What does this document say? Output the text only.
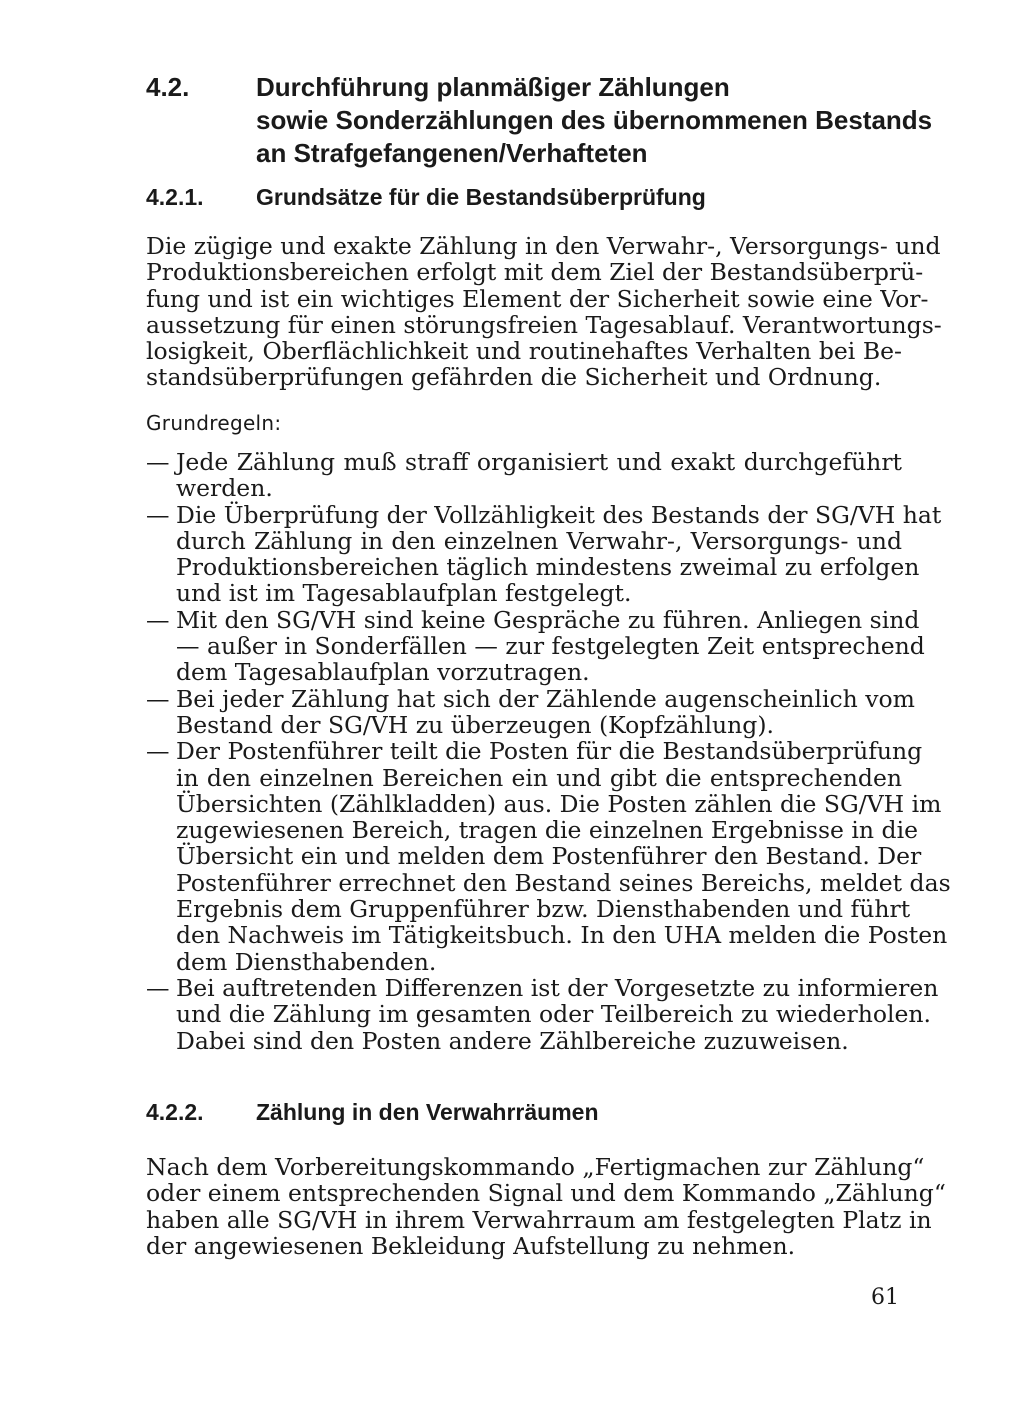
4.2.	Durchführung planmäßiger Zählungen
sowie Sonderzählungen des übernommenen Bestands
an Strafgefangenen/Verhafteten
4.2.1. Grundsätze für die Bestandsüberprüfung
Die zügige und exakte Zählung in den Verwahr-, Versorgungs- und
Produktionsbereichen erfolgt mit dem Ziel der Bestandsüberprü-
fung und ist ein wichtiges Element der Sicherheit sowie eine Vor-
aussetzung für einen störungsfreien Tagesablauf. Verantwortungs-
losigkeit, Oberflächlichkeit und routinehaftes Verhalten bei Be-
standsüberprüfungen gefährden die Sicherheit und Ordnung.
Grundregeln:
— Jede Zählung muß straff organisiert und exakt durchgeführt
werden.
— Die Überprüfung der Vollzähligkeit des Bestands der SG/VH hat
durch Zählung in den einzelnen Verwahr-, Versorgungs- und
Produktionsbereichen täglich mindestens zweimal zu erfolgen
und ist im Tagesablaufplan festgelegt.
— Mit den SG/VH sind keine Gespräche zu führen. Anliegen sind
— außer in Sonderfällen — zur festgelegten Zeit entsprechend
dem Tagesablaufplan vorzutragen.
— Bei jeder Zählung hat sich der Zählende augenscheinlich vom
Bestand der SG/VH zu überzeugen (Kopfzählung).
— Der Postenführer teilt die Posten für die Bestandsüberprüfung
in den einzelnen Bereichen ein und gibt die entsprechenden
Übersichten (Zählkladden) aus. Die Posten zählen die SG/VH im
zugewiesenen Bereich, tragen die einzelnen Ergebnisse in die
Übersicht ein und melden dem Postenführer den Bestand. Der
Postenführer errechnet den Bestand seines Bereichs, meldet das
Ergebnis dem Gruppenführer bzw. Diensthabenden und führt
den Nachweis im Tätigkeitsbuch. In den UHA melden die Posten
dem Diensthabenden.
— Bei auftretenden Differenzen ist der Vorgesetzte zu informieren
und die Zählung im gesamten oder Teilbereich zu wiederholen.
Dabei sind den Posten andere Zählbereiche zuzuweisen.
4.2.2. Zählung in den Verwahrräumen
Nach dem Vorbereitungskommando „Fertigmachen zur Zählung“
oder einem entsprechenden Signal und dem Kommando „Zählung“
haben alle SG/VH in ihrem Verwahrraum am festgelegten Platz in
der angewiesenen Bekleidung Aufstellung zu nehmen.
61
